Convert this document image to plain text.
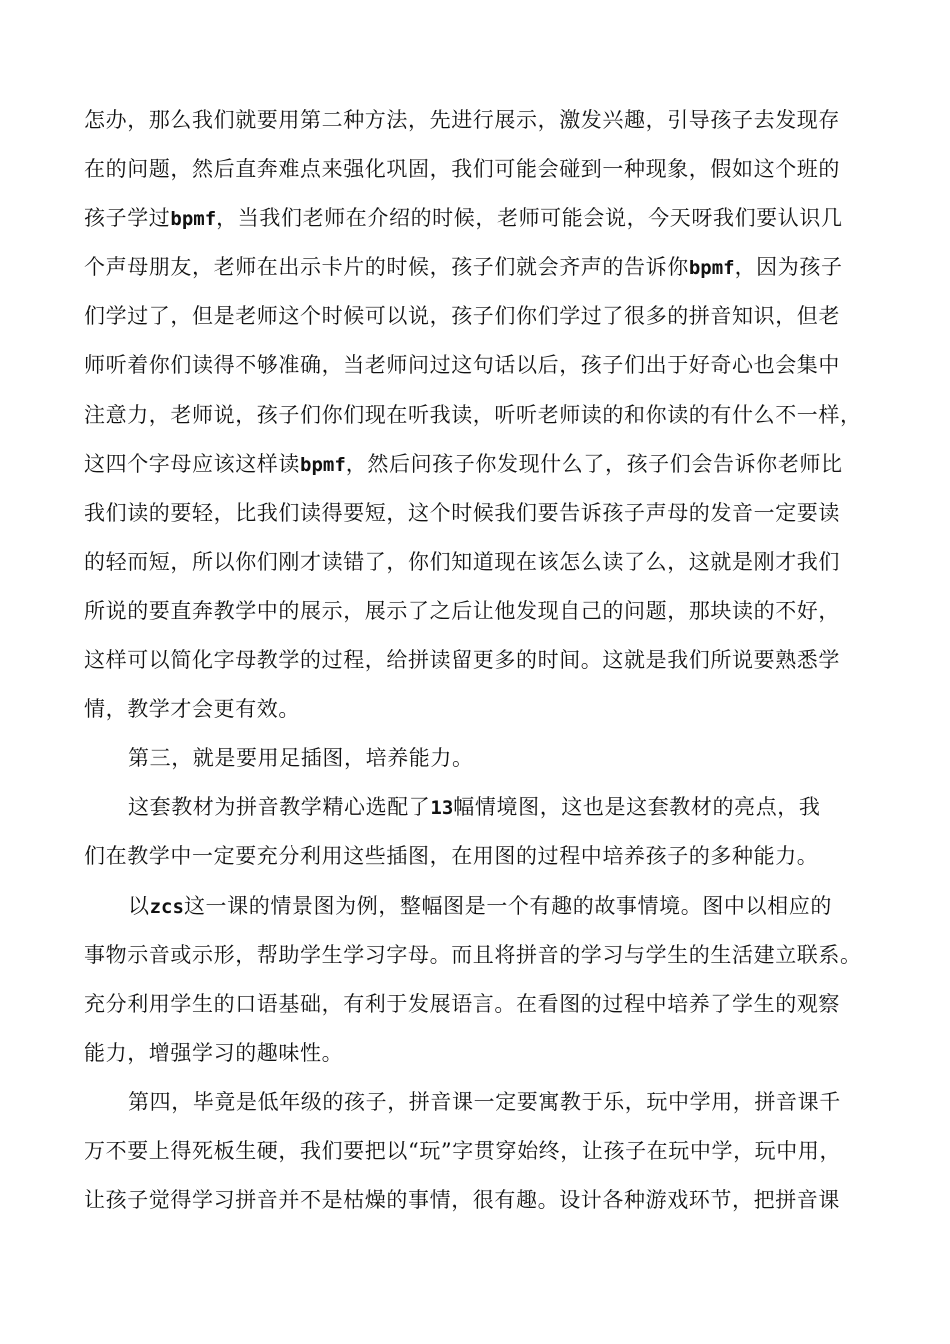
怎办，那么我们就要用第二种方法，先进行展示，激发兴趣，引导孩子去发现存
在的问题，然后直奔难点来强化巩固，我们可能会碰到一种现象，假如这个班的
孩子学过bpmf，当我们老师在介绍的时候，老师可能会说，今天呀我们要认识几
个声母朋友，老师在出示卡片的时候，孩子们就会齐声的告诉你bpmf，因为孩子
们学过了，但是老师这个时候可以说，孩子们你们学过了很多的拼音知识，但老
师听着你们读得不够准确，当老师问过这句话以后，孩子们出于好奇心也会集中
注意力，老师说，孩子们你们现在听我读，听听老师读的和你读的有什么不一样，
这四个字母应该这样读bpmf，然后问孩子你发现什么了，孩子们会告诉你老师比
我们读的要轻，比我们读得要短，这个时候我们要告诉孩子声母的发音一定要读
的轻而短，所以你们刚才读错了，你们知道现在该怎么读了么，这就是刚才我们
所说的要直奔教学中的展示，展示了之后让他发现自己的问题，那块读的不好，
这样可以简化字母教学的过程，给拼读留更多的时间。这就是我们所说要熟悉学
情，教学才会更有效。
第三，就是要用足插图，培养能力。
这套教材为拼音教学精心选配了13幅情境图，这也是这套教材的亮点，我
们在教学中一定要充分利用这些插图，在用图的过程中培养孩子的多种能力。
以zcs这一课的情景图为例，整幅图是一个有趣的故事情境。图中以相应的
事物示音或示形，帮助学生学习字母。而且将拼音的学习与学生的生活建立联系。
充分利用学生的口语基础，有利于发展语言。在看图的过程中培养了学生的观察
能力，增强学习的趣味性。
第四，毕竟是低年级的孩子，拼音课一定要寓教于乐，玩中学用，拼音课千
万不要上得死板生硬，我们要把以“玩”字贯穿始终，让孩子在玩中学，玩中用，
让孩子觉得学习拼音并不是枯燥的事情，很有趣。设计各种游戏环节，把拼音课
